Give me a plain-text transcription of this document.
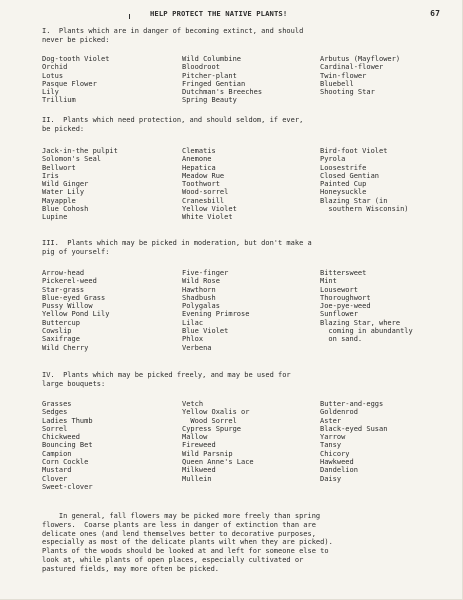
HELP PROTECT THE NATIVE PLANTS!	67
I.  Plants which are in danger of becoming extinct, and should
never be picked:
Dog-tooth Violet
Orchid
Lotus
Pasque Flower
Lily
Trillium
Wild Columbine
Bloodroot
Pitcher-plant
Fringed Gentian
Dutchman's Breeches
Spring Beauty
Arbutus (Mayflower)
Cardinal-flower
Twin-flower
Bluebell
Shooting Star
II.  Plants which need protection, and should seldom, if ever,
be picked:
Jack-in-the pulpit
Solomon's Seal
Bellwort
Iris
Wild Ginger
Water Lily
Mayapple
Blue Cohosh
Lupine
Clematis
Anemone
Hepatica
Meadow Rue
Toothwort
Wood-sorrel
Cranesbill
Yellow Violet
White Violet
Bird-foot Violet
Pyrola
Loosestrife
Closed Gentian
Painted Cup
Honeysuckle
Blazing Star (in
southern Wisconsin)
III.  Plants which may be picked in moderation, but don't make a
pig of yourself:
Arrow-head
Pickerel-weed
Star-grass
Blue-eyed Grass
Pussy Willow
Yellow Pond Lily
Buttercup
Cowslip
Saxifrage
Wild Cherry
Five-finger
Wild Rose
Hawthorn
Shadbush
Polygalas
Evening Primrose
Lilac
Blue Violet
Phlox
Verbena
Bittersweet
Mint
Lousewort
Thoroughwort
Joe-pye-weed
Sunflower
Blazing Star, where
coming in abundantly
on sand.
IV.  Plants which may be picked freely, and may be used for
large bouquets:
Grasses
Sedges
Ladies Thumb
Sorrel
Chickweed
Bouncing Bet
Campion
Corn Cockle
Mustard
Clover
Sweet-clover
Vetch
Yellow Oxalis or
Wood Sorrel
Cypress Spurge
Mallow
Fireweed
Wild Parsnip
Queen Anne's Lace
Milkweed
Mullein
Butter-and-eggs
Goldenrod
Aster
Black-eyed Susan
Yarrow
Tansy
Chicory
Hawkweed
Dandelion
Daisy
In general, fall flowers may be picked more freely than spring
flowers.  Coarse plants are less in danger of extinction than are
delicate ones (and lend themselves better to decorative purposes,
especially as most of the delicate plants wilt when they are picked).
Plants of the woods should be looked at and left for someone else to
look at, while plants of open places, especially cultivated or
pastured fields, may more often be picked.
